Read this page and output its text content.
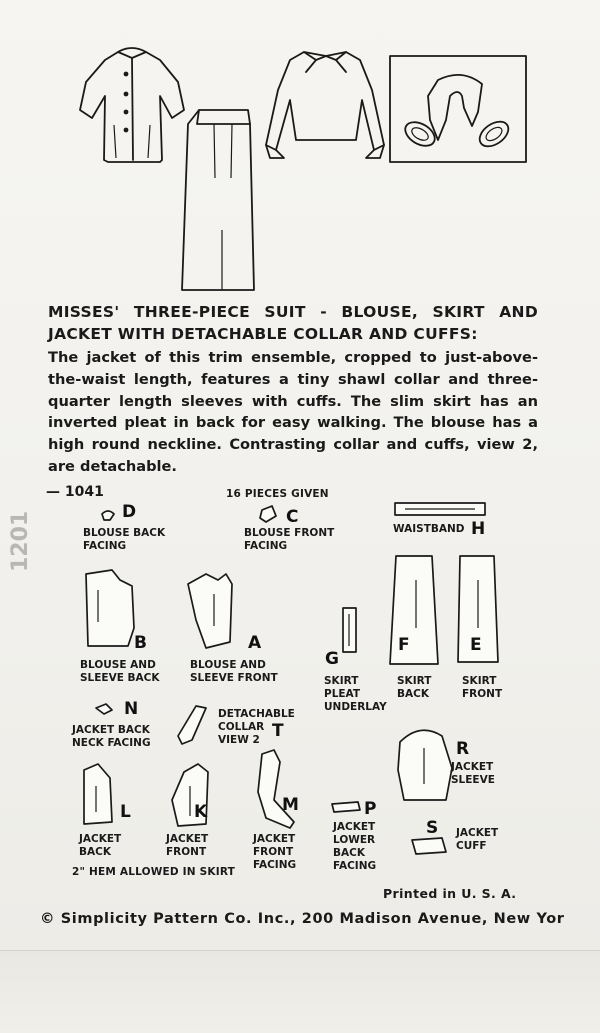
MISSES' THREE-PIECE SUIT - BLOUSE, SKIRT AND JACKET WITH DETACHABLE COLLAR AND CUFFS:
The jacket of this trim ensemble, cropped to just-above-the-waist length, features a tiny shawl collar and three-quarter length sleeves with cuffs. The slim skirt has an inverted pleat in back for easy walking. The blouse has a high round neckline. Contrasting collar and cuffs, view 2, are detachable.
— 1041	16 PIECES GIVEN
1201	D
BLOUSE BACK
FACING
C
BLOUSE FRONT
FACING
WAISTBAND H
B
BLOUSE AND
SLEEVE BACK
A
BLOUSE AND
SLEEVE FRONT
G
SKIRT
PLEAT
UNDERLAY
F
SKIRT
BACK
E
SKIRT
FRONT
N
JACKET BACK
NECK FACING
DETACHABLE
COLLAR
VIEW 2 T
R
JACKET
SLEEVE
L
JACKET
BACK
K
JACKET
FRONT
M
JACKET
FRONT
FACING
P
JACKET
LOWER
BACK
FACING
S JACKET
CUFF
2" HEM ALLOWED IN SKIRT
Printed in U. S. A.
© Simplicity Pattern Co. Inc., 200 Madison Avenue, New Yor
